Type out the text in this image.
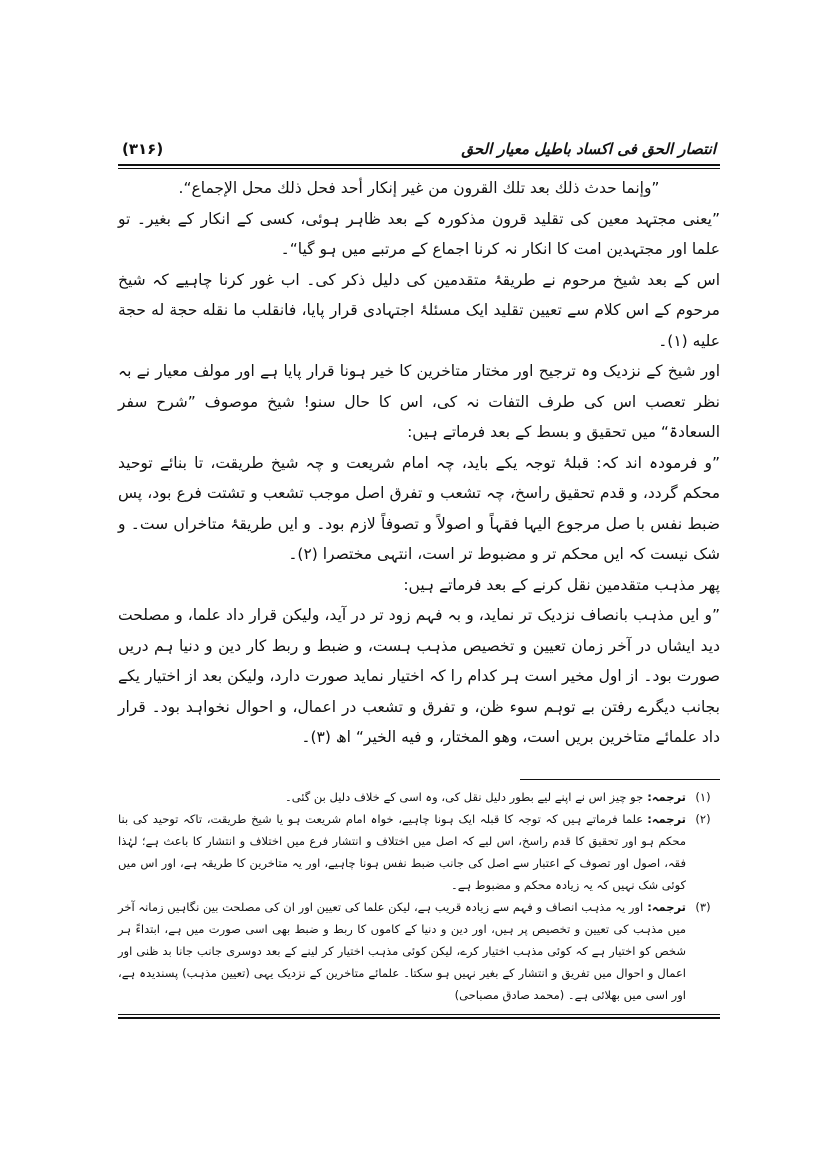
انتصار الحق فی اکساد باطیل معیار الحق
(۳۱۶)

”وإنما حدث ذلك بعد تلك القرون من غير إنكار أحد فحل ذلك محل الإجماع“.

”یعنی مجتہد معین کی تقلید قرون مذکورہ کے بعد ظاہر ہوئی، کسی کے انکار کے بغیر۔ تو علما اور مجتہدین امت کا انکار نہ کرنا اجماع کے مرتبے میں ہو گیا“۔

اس کے بعد شیخ مرحوم نے طریقۂ متقدمین کی دلیل ذکر کی۔ اب غور کرنا چاہیے کہ شیخ مرحوم کے اس کلام سے تعیین تقلید ایک مسئلۂ اجتہادی قرار پایا، فانقلب ما نقله حجة له حجة عليه (۱)۔

اور شیخ کے نزدیک وہ ترجیح اور مختار متاخرین کا خیر ہونا قرار پایا ہے اور مولف معیار نے بہ نظر تعصب اس کی طرف التفات نہ کی، اس کا حال سنو! شیخ موصوف ”شرح سفر السعادۃ“ میں تحقیق و بسط کے بعد فرماتے ہیں:

”و فرمودہ اند کہ: قبلۂ توجہ یکے باید، چہ امام شریعت و چہ شیخ طریقت، تا بنائے توحید محکم گردد، و قدم تحقیق راسخ، چہ تشعب و تفرق اصل موجب تشعب و تشتت فرع بود، پس ضبط نفس با صل مرجوع الیہا فقہاً و اصولاً و تصوفاً لازم بود۔ و ایں طریقۂ متاخراں ست۔ و شک نیست کہ ایں محکم تر و مضبوط تر است، انتہی مختصرا (۲)۔

پھر مذہب متقدمین نقل کرنے کے بعد فرماتے ہیں:

”و ایں مذہب بانصاف نزدیک تر نماید، و بہ فہم زود تر در آید، ولیکن قرار داد علما، و مصلحت دید ایشاں در آخر زمان تعیین و تخصیص مذہب ہست، و ضبط و ربط کار دین و دنیا ہم دریں صورت بود۔ از اول مخیر است ہر کدام را کہ اختیار نماید صورت دارد، ولیکن بعد از اختیار یکے بجانب دیگرے رفتن بے توہم سوء ظن، و تفرق و تشعب در اعمال، و احوال نخواہد بود۔ قرار داد علمائے متاخرین بریں است، وهو المختار، و فيه الخير“ اھ (۳)۔

(۱)
ترجمہ:جو چیز اس نے اپنے لیے بطور دلیل نقل کی، وہ اسی کے خلاف دلیل بن گئی۔
(۲)
ترجمہ:علما فرماتے ہیں کہ توجہ کا قبلہ ایک ہونا چاہیے، خواہ امام شریعت ہو یا شیخ طریقت، تاکہ توحید کی بنا محکم ہو اور تحقیق کا قدم راسخ، اس لیے کہ اصل میں اختلاف و انتشار فرع میں اختلاف و انتشار کا باعث ہے؛ لہٰذا فقہ، اصول اور تصوف کے اعتبار سے اصل کی جانب ضبط نفس ہونا چاہیے، اور یہ متاخرین کا طریقہ ہے، اور اس میں کوئی شک نہیں کہ یہ زیادہ محکم و مضبوط ہے۔
(۳)
ترجمہ:اور یہ مذہب انصاف و فہم سے زیادہ قریب ہے، لیکن علما کی تعیین اور ان کی مصلحت بین نگاہیں زمانہ آخر میں مذہب کی تعیین و تخصیص پر ہیں، اور دین و دنیا کے کاموں کا ربط و ضبط بھی اسی صورت میں ہے، ابتداءً ہر شخص کو اختیار ہے کہ کوئی مذہب اختیار کرے، لیکن کوئی مذہب اختیار کر لینے کے بعد دوسری جانب جانا بد ظنی اور اعمال و احوال میں تفریق و انتشار کے بغیر نہیں ہو سکتا۔ علمائے متاخرین کے نزدیک یہی (تعیین مذہب) پسندیدہ ہے، اور اسی میں بھلائی ہے۔ (محمد صادق مصباحی)
